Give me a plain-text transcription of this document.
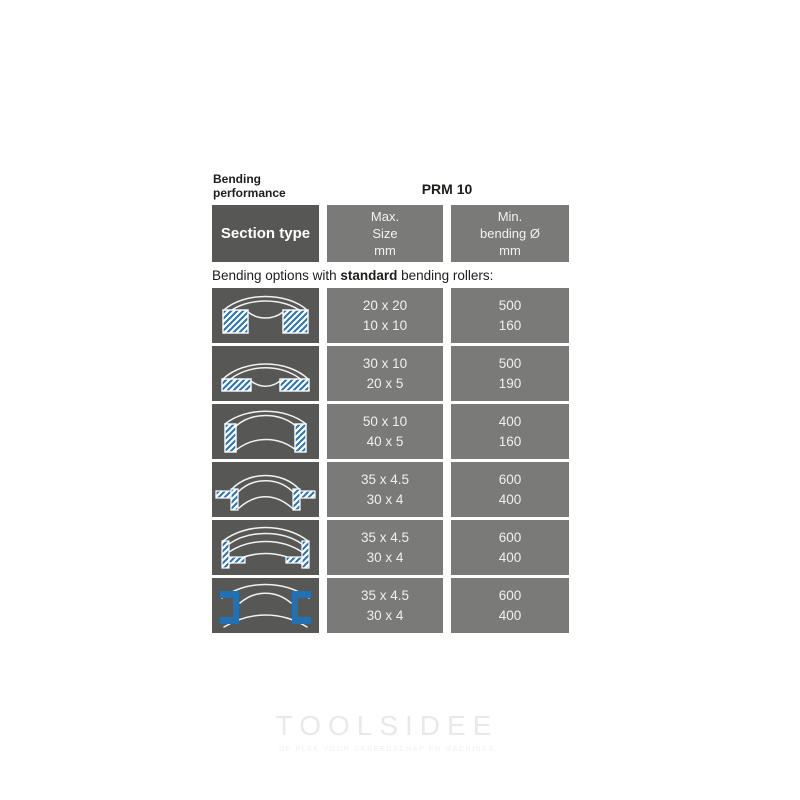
Bending
performance	PRM 10
Section type
Max.
Size
mm
Min.
bending Ø
mm
Bending options with standard bending rollers:
20 x 20
10 x 10
500
160
30 x 10
20 x 5
500
190
50 x 10
40 x 5
400
160
35 x 4.5
30 x 4
600
400
35 x 4.5
30 x 4
600
400
35 x 4.5
30 x 4
600
400
TOOLSIDEE
DE PLEK VOOR GEREEDSCHAP EN MACHINES
